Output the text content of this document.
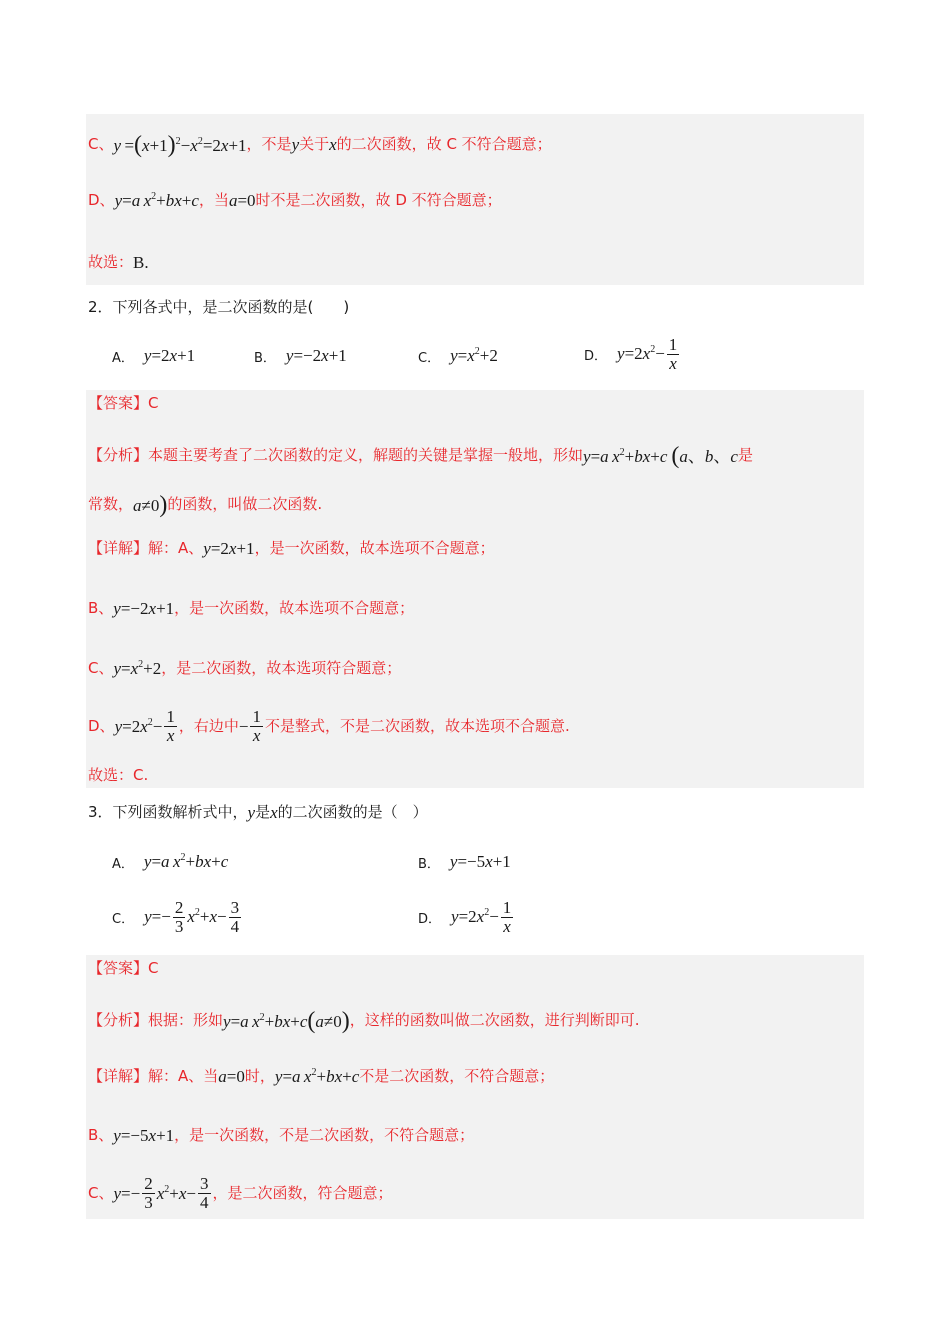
C、 $y =(x+1)^2-x^2=2x+1$ ，不是 y 关于 x 的二次函数，故 C 不符合题意；
D、 y=a $x^2+bx+c$ ，当 a=0 时不是二次函数，故 D 不符合题意；
故选： B.
2．下列各式中，是二次函数的是(　　)
A． y=2x+1	B． y=−2x+1	C． $y=x^2+2$	D． $y=2x^2- \frac{1}{x}$
【答案】 C
【分析】 本题主要考查了二次函数的定义，解题的关键是掌握一般地，形如 y=a $x^2+bx+c$ (a、b、c 是
常数， a≠0) 的函数，叫做二次函数.
【详解】 解：A、 y=2x+1 ，是一次函数，故本选项不合题意；
B、 y=−2x+1 ，是一次函数，故本选项不合题意；
C、 $y=x^2+2$ ，是二次函数，故本选项符合题意；
D、 $y=2x^2- \frac{1}{x}$ ，右边中 − $\frac{1}{x}$ 不是整式，不是二次函数，故本选项不合题意.
故选：C.
3．下列函数解析式中， y 是 x 的二次函数的是（　）
A． y=a $x^2+bx+c$	B． y=−5x+1
C． $y=- \frac{2}{3} x^2+x- \frac{3}{4}$	D． $y=2x^2- \frac{1}{x}$
【答案】 C
【分析】 根据：形如 y=a $x^2+bx+c(a\ne 0)$ ，这样的函数叫做二次函数，进行判断即可.
【详解】 解：A、当 a=0 时， y=a $x^2+bx+c$ 不是二次函数，不符合题意；
B、 y=−5x+1 ，是一次函数，不是二次函数，不符合题意；
C、 $y=- \frac{2}{3} x^2+x- \frac{3}{4}$ ，是二次函数，符合题意；
